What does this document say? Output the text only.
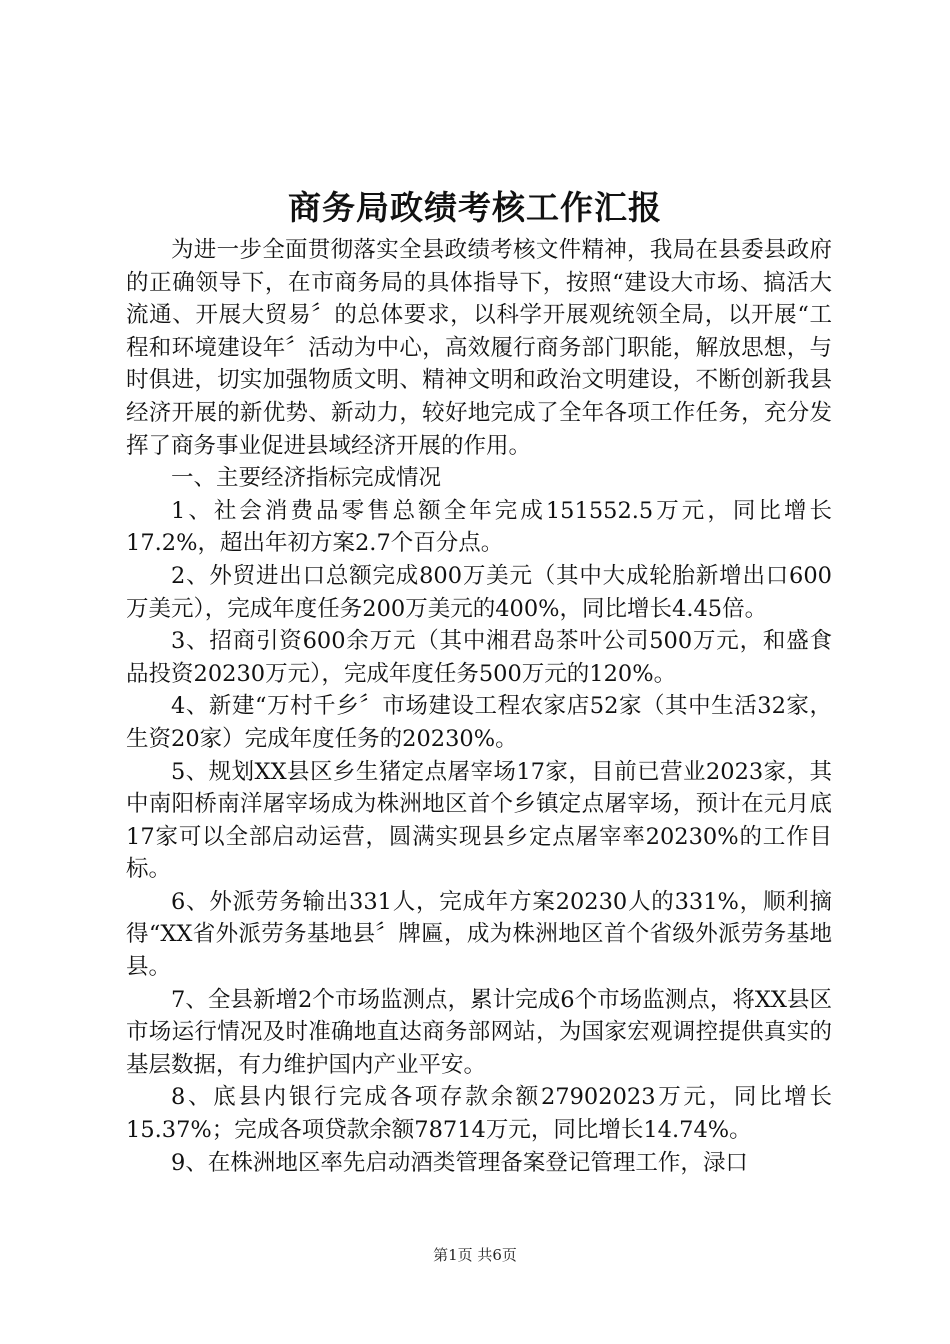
商务局政绩考核工作汇报

为进一步全面贯彻落实全县政绩考核文件精神，我局在县委县政府的正确领导下，在市商务局的具体指导下，按照“建设大市场、搞活大流通、开展大贸易〞的总体要求，以科学开展观统领全局，以开展“工程和环境建设年〞活动为中心，高效履行商务部门职能，解放思想，与时俱进，切实加强物质文明、精神文明和政治文明建设，不断创新我县经济开展的新优势、新动力，较好地完成了全年各项工作任务，充分发挥了商务事业促进县域经济开展的作用。

一、主要经济指标完成情况

1、社会消费品零售总额全年完成151552.5万元，同比增长17.2%，超出年初方案2.7个百分点。

2、外贸进出口总额完成800万美元（其中大成轮胎新增出口600万美元），完成年度任务200万美元的400%，同比增长4.45倍。

3、招商引资600余万元（其中湘君岛茶叶公司500万元，和盛食品投资20230万元），完成年度任务500万元的120%。

4、新建“万村千乡〞市场建设工程农家店52家（其中生活32家，生资20家）完成年度任务的20230%。

5、规划XX县区乡生猪定点屠宰场17家，目前已营业2023家，其中南阳桥南洋屠宰场成为株洲地区首个乡镇定点屠宰场，预计在元月底17家可以全部启动运营，圆满实现县乡定点屠宰率20230%的工作目标。

6、外派劳务输出331人，完成年方案20230人的331%，顺利摘得“XX省外派劳务基地县〞牌匾，成为株洲地区首个省级外派劳务基地县。

7、全县新增2个市场监测点，累计完成6个市场监测点，将XX县区市场运行情况及时准确地直达商务部网站，为国家宏观调控提供真实的基层数据，有力维护国内产业平安。

8、底县内银行完成各项存款余额27902023万元，同比增长15.37%；完成各项贷款余额78714万元，同比增长14.74%。

9、在株洲地区率先启动酒类管理备案登记管理工作，渌口

第1页 共6页
